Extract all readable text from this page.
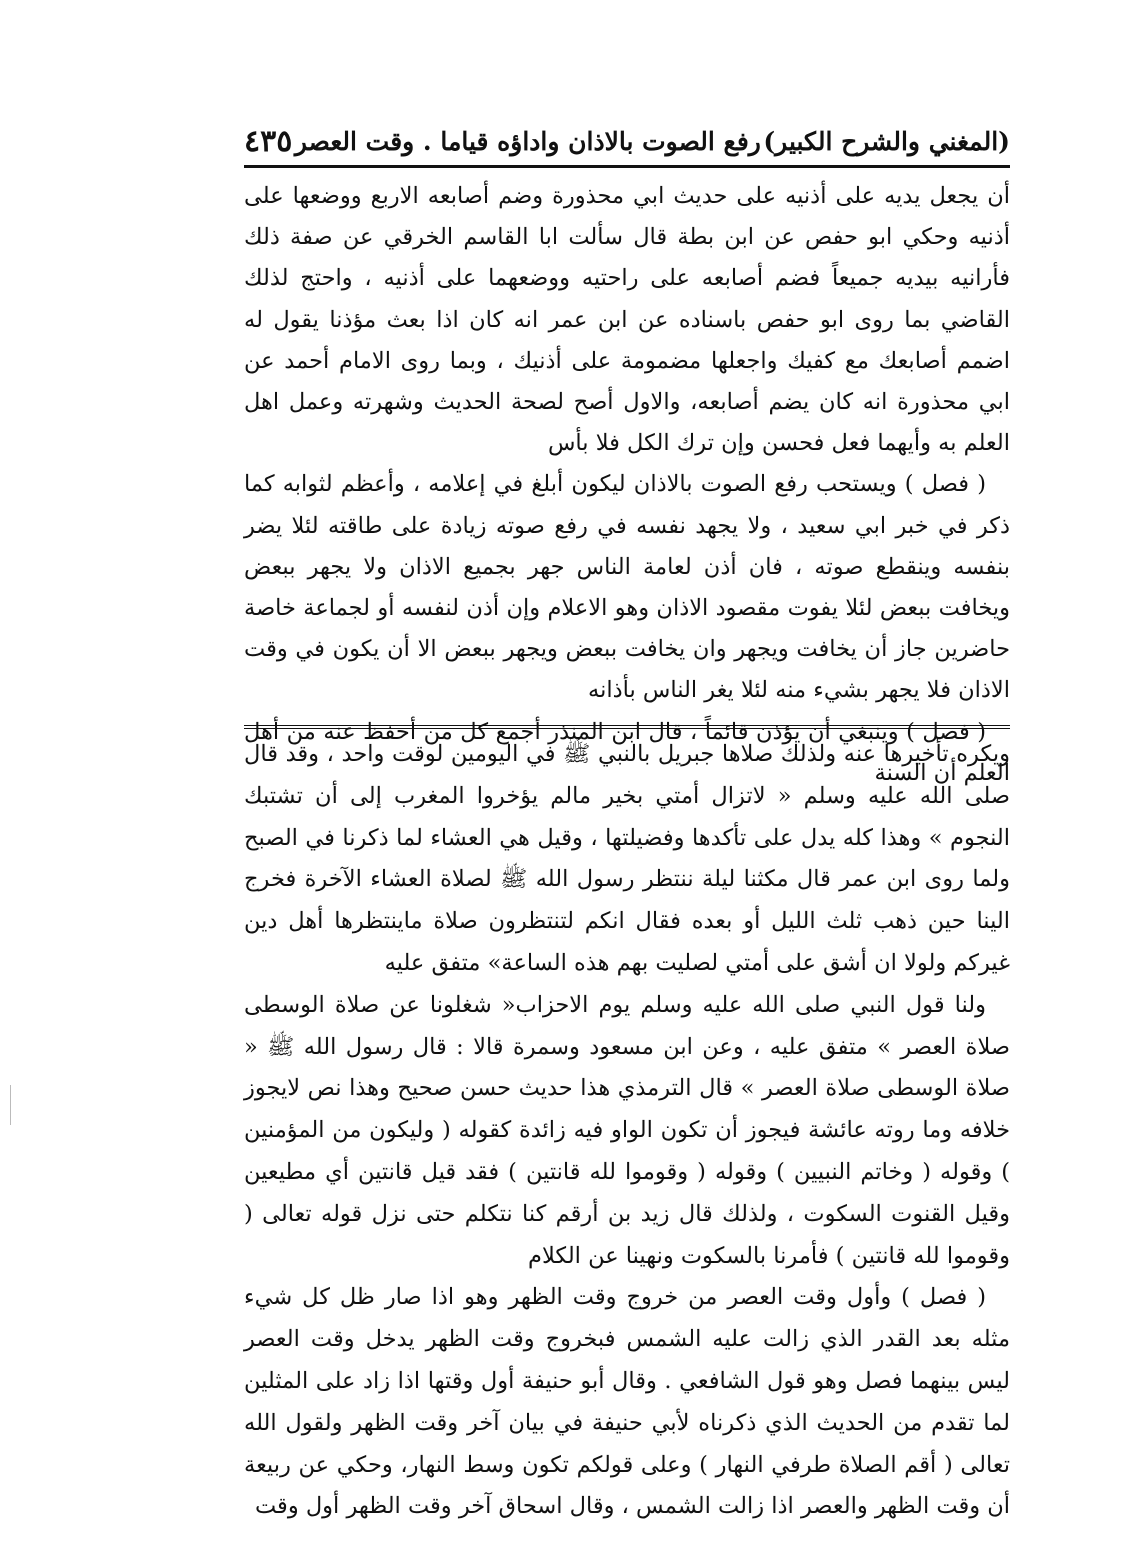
(المغني والشرح الكبير)
رفع الصوت بالاذان واداؤه قياما . وقت العصر
٤٣٥

أن يجعل يديه على أذنيه على حديث ابي محذورة وضم أصابعه الاربع ووضعها على أذنيه وحكي ابو حفص عن ابن بطة قال سألت ابا القاسم الخرقي عن صفة ذلك فأرانيه بيديه جميعاً فضم أصابعه على راحتيه ووضعهما على أذنيه ، واحتج لذلك القاضي بما روى ابو حفص باسناده عن ابن عمر انه كان اذا بعث مؤذنا يقول له اضمم أصابعك مع كفيك واجعلها مضمومة على أذنيك ، وبما روى الامام أحمد عن ابي محذورة انه كان يضم أصابعه، والاول أصح لصحة الحديث وشهرته وعمل اهل العلم به وأيهما فعل فحسن وإن ترك الكل فلا بأس

( فصل ) ويستحب رفع الصوت بالاذان ليكون أبلغ في إعلامه ، وأعظم لثوابه كما ذكر في خبر ابي سعيد ، ولا يجهد نفسه في رفع صوته زيادة على طاقته لئلا يضر بنفسه وينقطع صوته ، فان أذن لعامة الناس جهر بجميع الاذان ولا يجهر ببعض ويخافت ببعض لئلا يفوت مقصود الاذان وهو الاعلام وإن أذن لنفسه أو لجماعة خاصة حاضرين جاز أن يخافت ويجهر وان يخافت ببعض ويجهر ببعض الا أن يكون في وقت الاذان فلا يجهر بشيء منه لئلا يغر الناس بأذانه

( فصل ) وينبغي أن يؤذن قائماً ، قال ابن المنذر أجمع كل من أحفظ عنه من أهل العلم أن السنة

ويكره تأخيرها عنه ولذلك صلاها جبريل بالنبي ﷺ في اليومين لوقت واحد ، وقد قال صلى الله عليه وسلم « لاتزال أمتي بخير مالم يؤخروا المغرب إلى أن تشتبك النجوم » وهذا كله يدل على تأكدها وفضيلتها ، وقيل هي العشاء لما ذكرنا في الصبح ولما روى ابن عمر قال مكثنا ليلة ننتظر رسول الله ﷺ لصلاة العشاء الآخرة فخرج الينا حين ذهب ثلث الليل أو بعده فقال انكم لتنتظرون صلاة ماينتظرها أهل دين غيركم ولولا ان أشق على أمتي لصليت بهم هذه الساعة» متفق عليه

ولنا قول النبي صلى الله عليه وسلم يوم الاحزاب« شغلونا عن صلاة الوسطى صلاة العصر » متفق عليه ، وعن ابن مسعود وسمرة قالا : قال رسول الله ﷺ « صلاة الوسطى صلاة العصر » قال الترمذي هذا حديث حسن صحيح وهذا نص لايجوز خلافه وما روته عائشة فيجوز أن تكون الواو فيه زائدة كقوله ( وليكون من المؤمنين ) وقوله ( وخاتم النبيين ) وقوله ( وقوموا لله قانتين ) فقد قيل قانتين أي مطيعين وقيل القنوت السكوت ، ولذلك قال زيد بن أرقم كنا نتكلم حتى نزل قوله تعالى ( وقوموا لله قانتين ) فأمرنا بالسكوت ونهينا عن الكلام

( فصل ) وأول وقت العصر من خروج وقت الظهر وهو اذا صار ظل كل شيء مثله بعد القدر الذي زالت عليه الشمس فبخروج وقت الظهر يدخل وقت العصر ليس بينهما فصل وهو قول الشافعي . وقال أبو حنيفة أول وقتها اذا زاد على المثلين لما تقدم من الحديث الذي ذكرناه لأبي حنيفة في بيان آخر وقت الظهر ولقول الله تعالى ( أقم الصلاة طرفي النهار ) وعلى قولكم تكون وسط النهار، وحكي عن ربيعة أن وقت الظهر والعصر اذا زالت الشمس ، وقال اسحاق آخر وقت الظهر أول وقت
